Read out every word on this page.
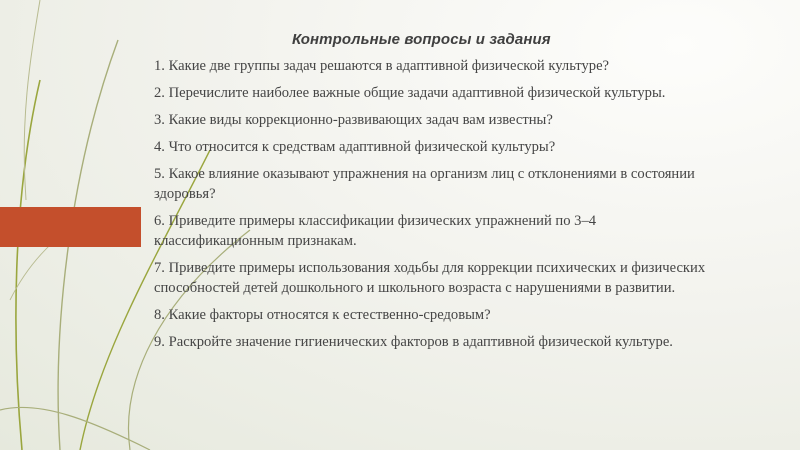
Контрольные вопросы и задания

1. Какие две группы задач решаются в адаптивной физической культуре?

2. Перечислите наиболее важные общие задачи адаптивной физической культуры.

3. Какие виды коррекционно-развивающих задач вам известны?

4. Что относится к средствам адаптивной физической культуры?

5. Какое влияние оказывают упражнения на организм лиц с отклонениями в состоянии здоровья?

6. Приведите примеры классификации физических упражнений по 3–4 классификационным признакам.

7. Приведите примеры использования ходьбы для коррекции психических и физических способностей детей дошкольного и школьного возраста с нарушениями в развитии.

8. Какие факторы относятся к естественно-средовым?

9. Раскройте значение гигиенических факторов в адаптивной физической культуре.
